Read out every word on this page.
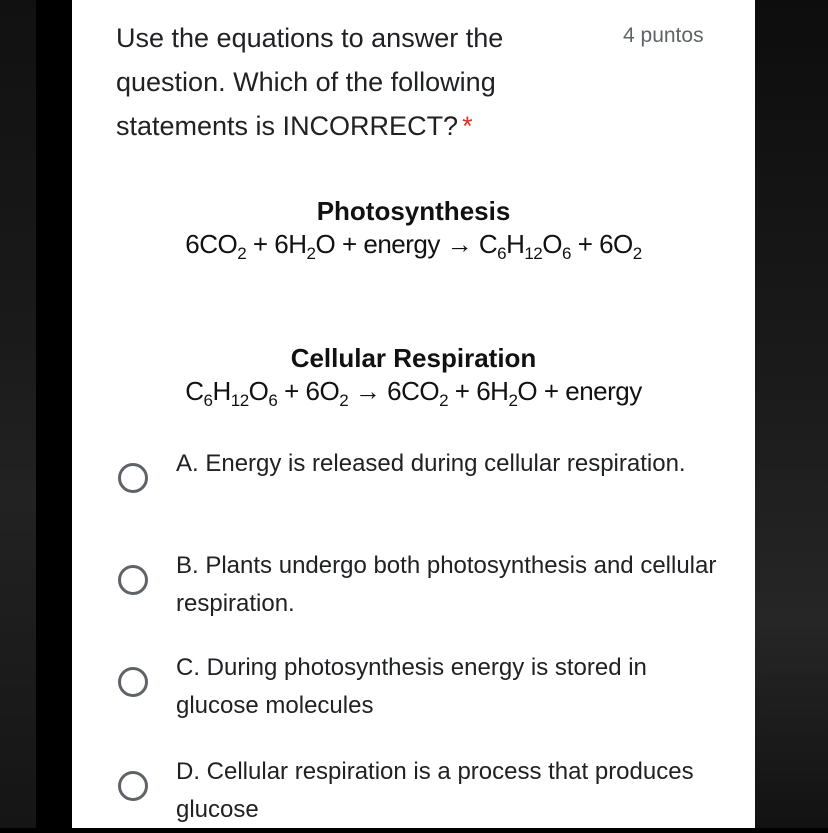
Use the equations to answer the question. Which of the following statements is INCORRECT? *
4 puntos
Photosynthesis
$6CO_2 + 6H_2O$ + energy → $C_6H_{12}O_6 + 6O_2$
Cellular Respiration
$C_6H_{12}O_6 + 6O_2 \to 6CO_2 + 6H_2O$ + energy
A. Energy is released during cellular respiration.
B. Plants undergo both photosynthesis and cellular respiration.
C. During photosynthesis energy is stored in glucose molecules
D. Cellular respiration is a process that produces glucose
